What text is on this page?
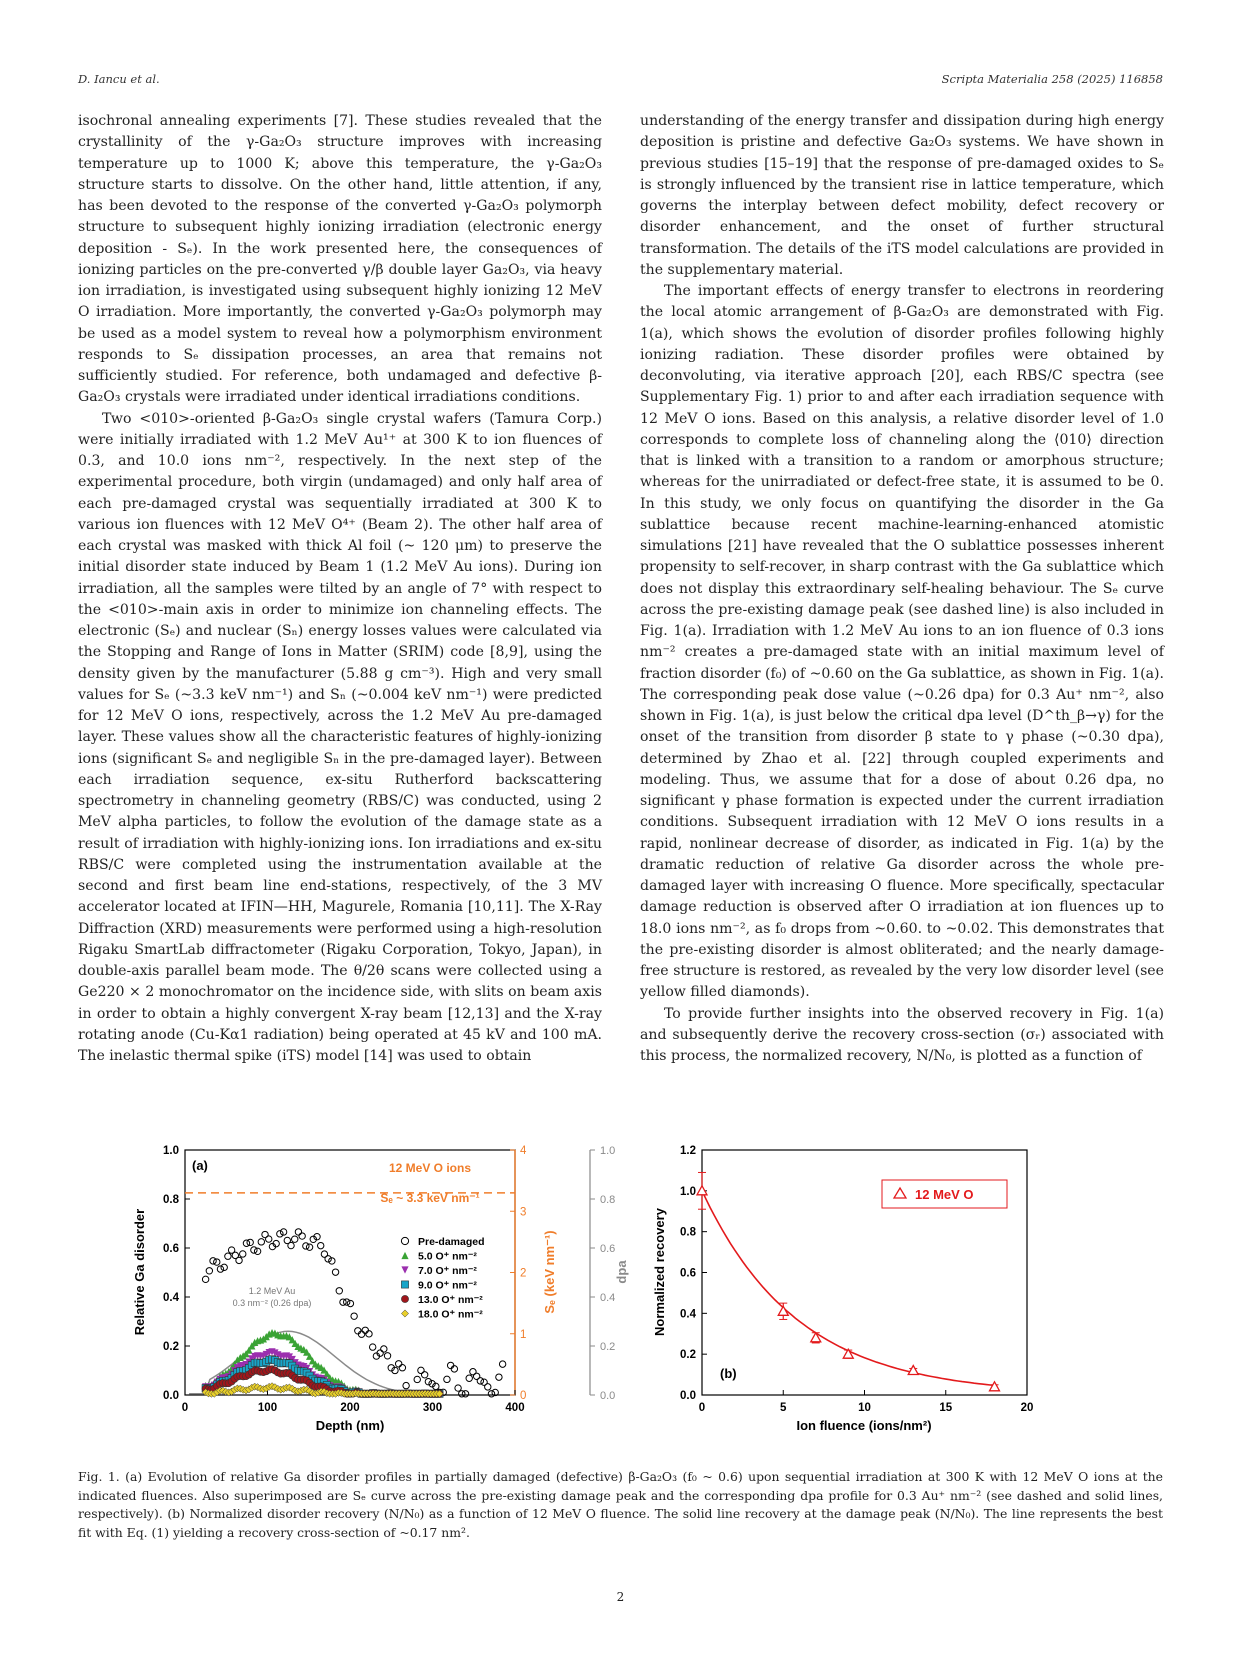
D. Iancu et al.	Scripta Materialia 258 (2025) 116858

isochronal annealing experiments [7]. These studies revealed that the crystallinity of the γ-Ga₂O₃ structure improves with increasing temperature up to 1000 K; above this temperature, the γ-Ga₂O₃ structure starts to dissolve. On the other hand, little attention, if any, has been devoted to the response of the converted γ-Ga₂O₃ polymorph structure to subsequent highly ionizing irradiation (electronic energy deposition - Sₑ). In the work presented here, the consequences of ionizing particles on the pre-converted γ/β double layer Ga₂O₃, via heavy ion irradiation, is investigated using subsequent highly ionizing 12 MeV O irradiation. More importantly, the converted γ-Ga₂O₃ polymorph may be used as a model system to reveal how a polymorphism environment responds to Sₑ dissipation processes, an area that remains not sufficiently studied. For reference, both undamaged and defective β-Ga₂O₃ crystals were irradiated under identical irradiations conditions.

Two <010>-oriented β-Ga₂O₃ single crystal wafers (Tamura Corp.) were initially irradiated with 1.2 MeV Au¹⁺ at 300 K to ion fluences of 0.3, and 10.0 ions nm⁻², respectively. In the next step of the experimental procedure, both virgin (undamaged) and only half area of each pre-damaged crystal was sequentially irradiated at 300 K to various ion fluences with 12 MeV O⁴⁺ (Beam 2). The other half area of each crystal was masked with thick Al foil (~ 120 μm) to preserve the initial disorder state induced by Beam 1 (1.2 MeV Au ions). During ion irradiation, all the samples were tilted by an angle of 7° with respect to the <010>-main axis in order to minimize ion channeling effects. The electronic (Sₑ) and nuclear (Sₙ) energy losses values were calculated via the Stopping and Range of Ions in Matter (SRIM) code [8,9], using the density given by the manufacturer (5.88 g cm⁻³). High and very small values for Sₑ (~3.3 keV nm⁻¹) and Sₙ (~0.004 keV nm⁻¹) were predicted for 12 MeV O ions, respectively, across the 1.2 MeV Au pre-damaged layer. These values show all the characteristic features of highly-ionizing ions (significant Sₑ and negligible Sₙ in the pre-damaged layer). Between each irradiation sequence, ex-situ Rutherford backscattering spectrometry in channeling geometry (RBS/C) was conducted, using 2 MeV alpha particles, to follow the evolution of the damage state as a result of irradiation with highly-ionizing ions. Ion irradiations and ex-situ RBS/C were completed using the instrumentation available at the second and first beam line end-stations, respectively, of the 3 MV accelerator located at IFIN—HH, Magurele, Romania [10,11]. The X-Ray Diffraction (XRD) measurements were performed using a high-resolution Rigaku SmartLab diffractometer (Rigaku Corporation, Tokyo, Japan), in double-axis parallel beam mode. The θ/2θ scans were collected using a Ge220 × 2 monochromator on the incidence side, with slits on beam axis in order to obtain a highly convergent X-ray beam [12,13] and the X-ray rotating anode (Cu-Kα1 radiation) being operated at 45 kV and 100 mA. The inelastic thermal spike (iTS) model [14] was used to obtain

understanding of the energy transfer and dissipation during high energy deposition is pristine and defective Ga₂O₃ systems. We have shown in previous studies [15–19] that the response of pre-damaged oxides to Sₑ is strongly influenced by the transient rise in lattice temperature, which governs the interplay between defect mobility, defect recovery or disorder enhancement, and the onset of further structural transformation. The details of the iTS model calculations are provided in the supplementary material.

The important effects of energy transfer to electrons in reordering the local atomic arrangement of β-Ga₂O₃ are demonstrated with Fig. 1(a), which shows the evolution of disorder profiles following highly ionizing radiation. These disorder profiles were obtained by deconvoluting, via iterative approach [20], each RBS/C spectra (see Supplementary Fig. 1) prior to and after each irradiation sequence with 12 MeV O ions. Based on this analysis, a relative disorder level of 1.0 corresponds to complete loss of channeling along the ⟨010⟩ direction that is linked with a transition to a random or amorphous structure; whereas for the unirradiated or defect-free state, it is assumed to be 0. In this study, we only focus on quantifying the disorder in the Ga sublattice because recent machine-learning-enhanced atomistic simulations [21] have revealed that the O sublattice possesses inherent propensity to self-recover, in sharp contrast with the Ga sublattice which does not display this extraordinary self-healing behaviour. The Sₑ curve across the pre-existing damage peak (see dashed line) is also included in Fig. 1(a). Irradiation with 1.2 MeV Au ions to an ion fluence of 0.3 ions nm⁻² creates a pre-damaged state with an initial maximum level of fraction disorder (f₀) of ~0.60 on the Ga sublattice, as shown in Fig. 1(a). The corresponding peak dose value (~0.26 dpa) for 0.3 Au⁺ nm⁻², also shown in Fig. 1(a), is just below the critical dpa level (D^th_β→γ) for the onset of the transition from disorder β state to γ phase (~0.30 dpa), determined by Zhao et al. [22] through coupled experiments and modeling. Thus, we assume that for a dose of about 0.26 dpa, no significant γ phase formation is expected under the current irradiation conditions. Subsequent irradiation with 12 MeV O ions results in a rapid, nonlinear decrease of disorder, as indicated in Fig. 1(a) by the dramatic reduction of relative Ga disorder across the whole pre-damaged layer with increasing O fluence. More specifically, spectacular damage reduction is observed after O irradiation at ion fluences up to 18.0 ions nm⁻², as f₀ drops from ~0.60. to ~0.02. This demonstrates that the pre-existing disorder is almost obliterated; and the nearly damage-free structure is restored, as revealed by the very low disorder level (see yellow filled diamonds).

To provide further insights into the observed recovery in Fig. 1(a) and subsequently derive the recovery cross-section (σᵣ) associated with this process, the normalized recovery, N/N₀, is plotted as a function of

(a)	12 MeV O ions
Sₑ ~ 3.3 keV nm⁻¹
1.2 MeV Au
0.3 nm⁻² (0.26 dpa)
Depth (nm)
Relative Ga disorder	Sₑ (keV nm⁻¹)	dpa
Pre-damaged
5.0 O⁺ nm⁻²
7.0 O⁺ nm⁻²
9.0 O⁺ nm⁻²
13.0 O⁺ nm⁻²
18.0 O⁺ nm⁻²
0	100	200	300	400
0.0
0.2
0.4
0.6
0.8
1.0
0
1
2
3
4
0.0
0.2
0.4
0.6
0.8
1.0
(b)
12 MeV O
Ion fluence (ions/nm²)
Normalized recovery
0	5	10	15	20
0.0
0.2
0.4
0.6
0.8
1.0
1.2
Fig. 1. (a) Evolution of relative Ga disorder profiles in partially damaged (defective) β-Ga₂O₃ (f₀ ~ 0.6) upon sequential irradiation at 300 K with 12 MeV O ions at the indicated fluences. Also superimposed are Sₑ curve across the pre-existing damage peak and the corresponding dpa profile for 0.3 Au⁺ nm⁻² (see dashed and solid lines, respectively). (b) Normalized disorder recovery (N/N₀) as a function of 12 MeV O fluence. The solid line recovery at the damage peak (N/N₀). The line represents the best fit with Eq. (1) yielding a recovery cross-section of ~0.17 nm².
2
